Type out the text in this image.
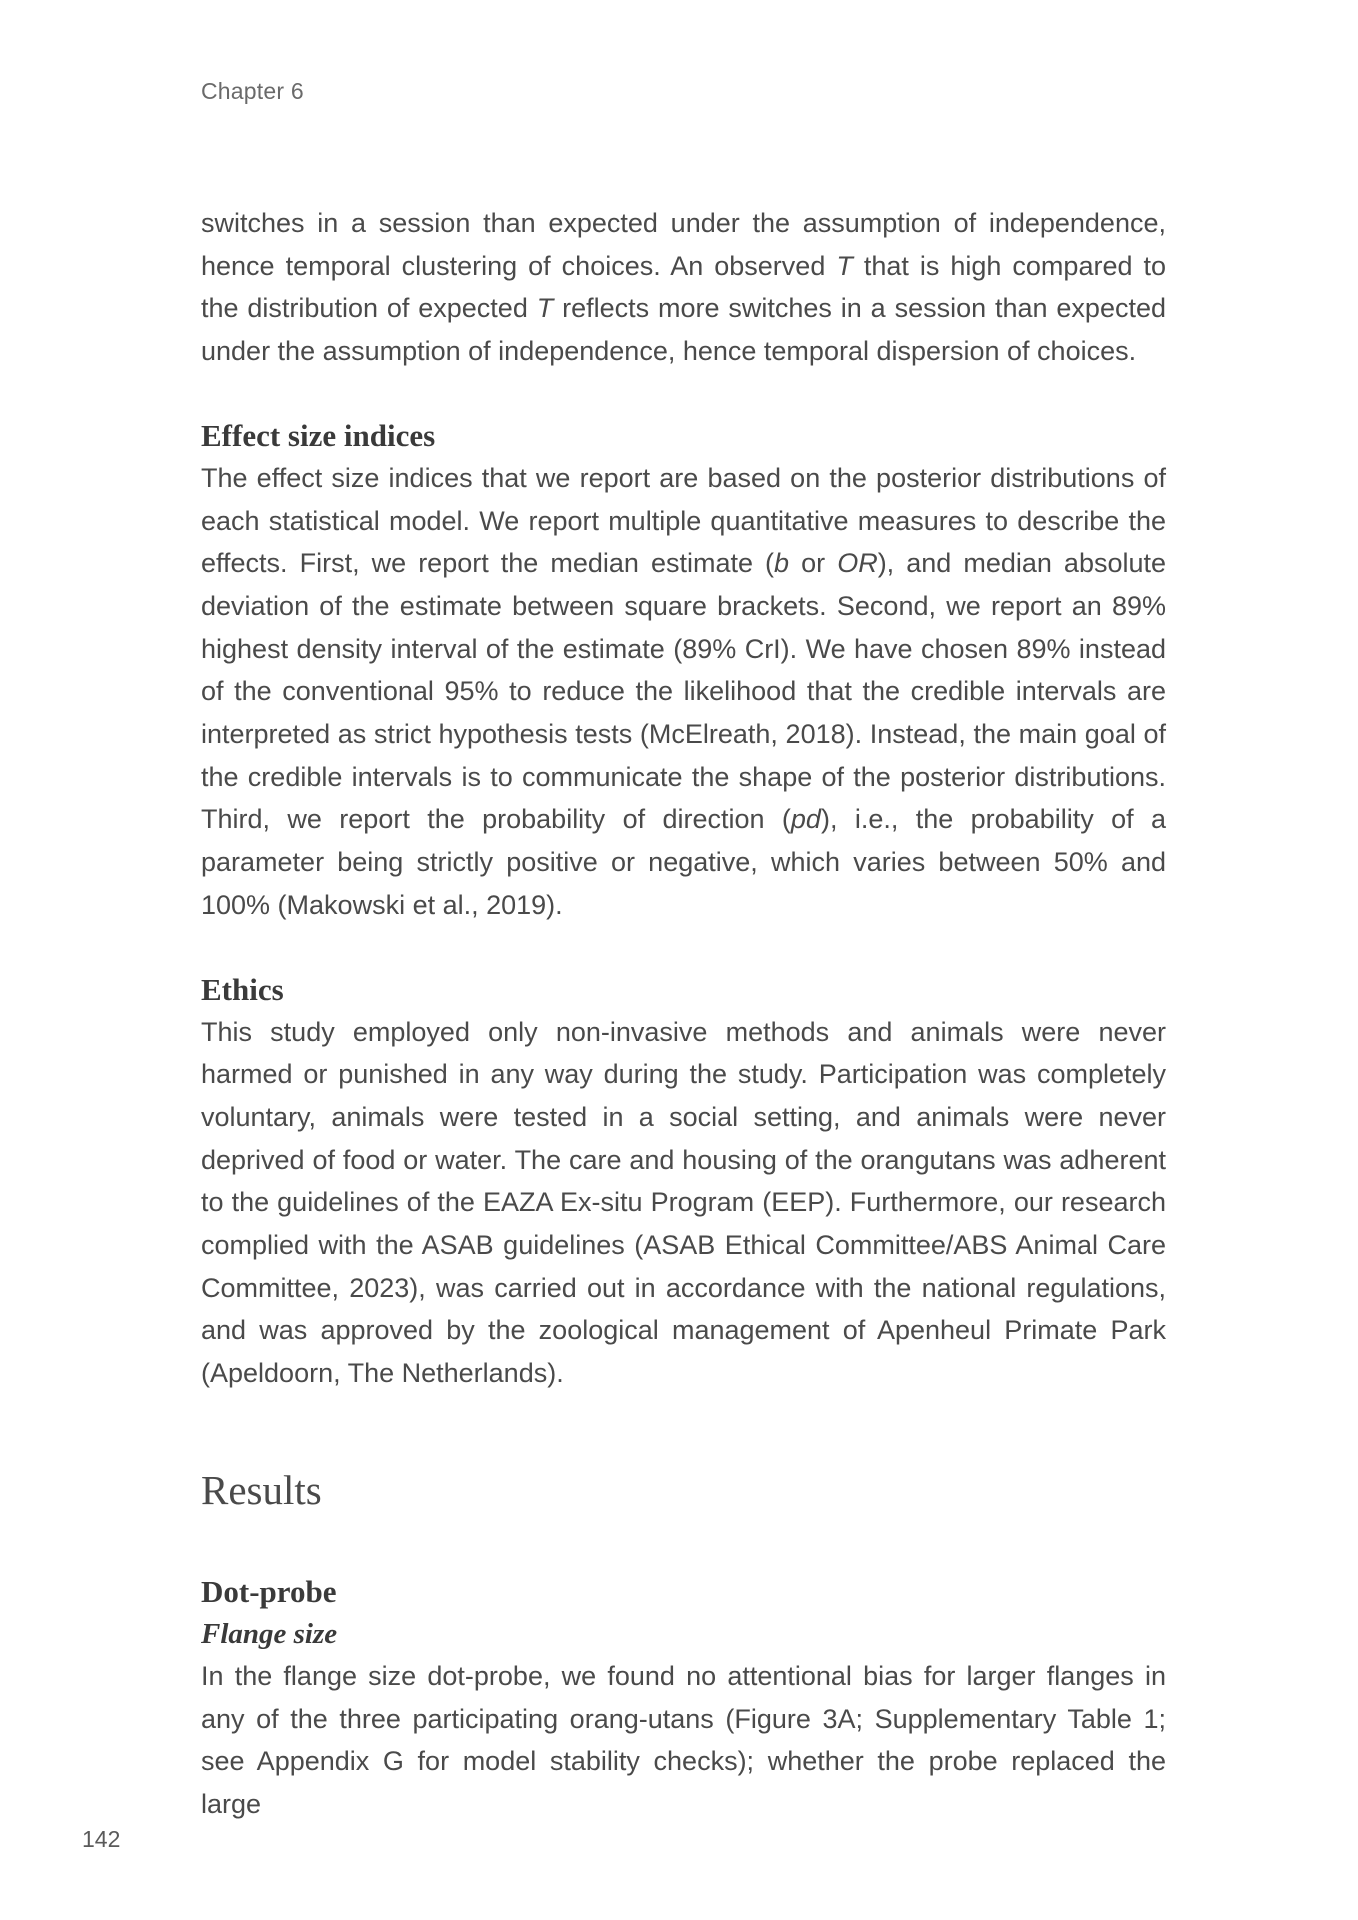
Chapter 6

switches in a session than expected under the assumption of independence, hence temporal clustering of choices. An observed T that is high compared to the distribution of expected T reflects more switches in a session than expected under the assumption of independence, hence temporal dispersion of choices.

Effect size indices

The effect size indices that we report are based on the posterior distributions of each statistical model. We report multiple quantitative measures to describe the effects. First, we report the median estimate (b or OR), and median absolute deviation of the estimate between square brackets. Second, we report an 89% highest density interval of the estimate (89% CrI). We have chosen 89% instead of the conventional 95% to reduce the likelihood that the credible intervals are interpreted as strict hypothesis tests (McElreath, 2018). Instead, the main goal of the credible intervals is to communicate the shape of the posterior distributions. Third, we report the probability of direction (pd), i.e., the probability of a parameter being strictly positive or negative, which varies between 50% and 100% (Makowski et al., 2019).

Ethics

This study employed only non-invasive methods and animals were never harmed or punished in any way during the study. Participation was completely voluntary, animals were tested in a social setting, and animals were never deprived of food or water. The care and housing of the orangutans was adherent to the guidelines of the EAZA Ex-situ Program (EEP). Furthermore, our research complied with the ASAB guidelines (ASAB Ethical Committee/ABS Animal Care Committee, 2023), was carried out in accordance with the national regulations, and was approved by the zoological management of Apenheul Primate Park (Apeldoorn, The Netherlands).

Results
Dot-probe
Flange size

In the flange size dot-probe, we found no attentional bias for larger flanges in any of the three participating orang-utans (Figure 3A; Supplementary Table 1; see Appendix G for model stability checks); whether the probe replaced the large

142
